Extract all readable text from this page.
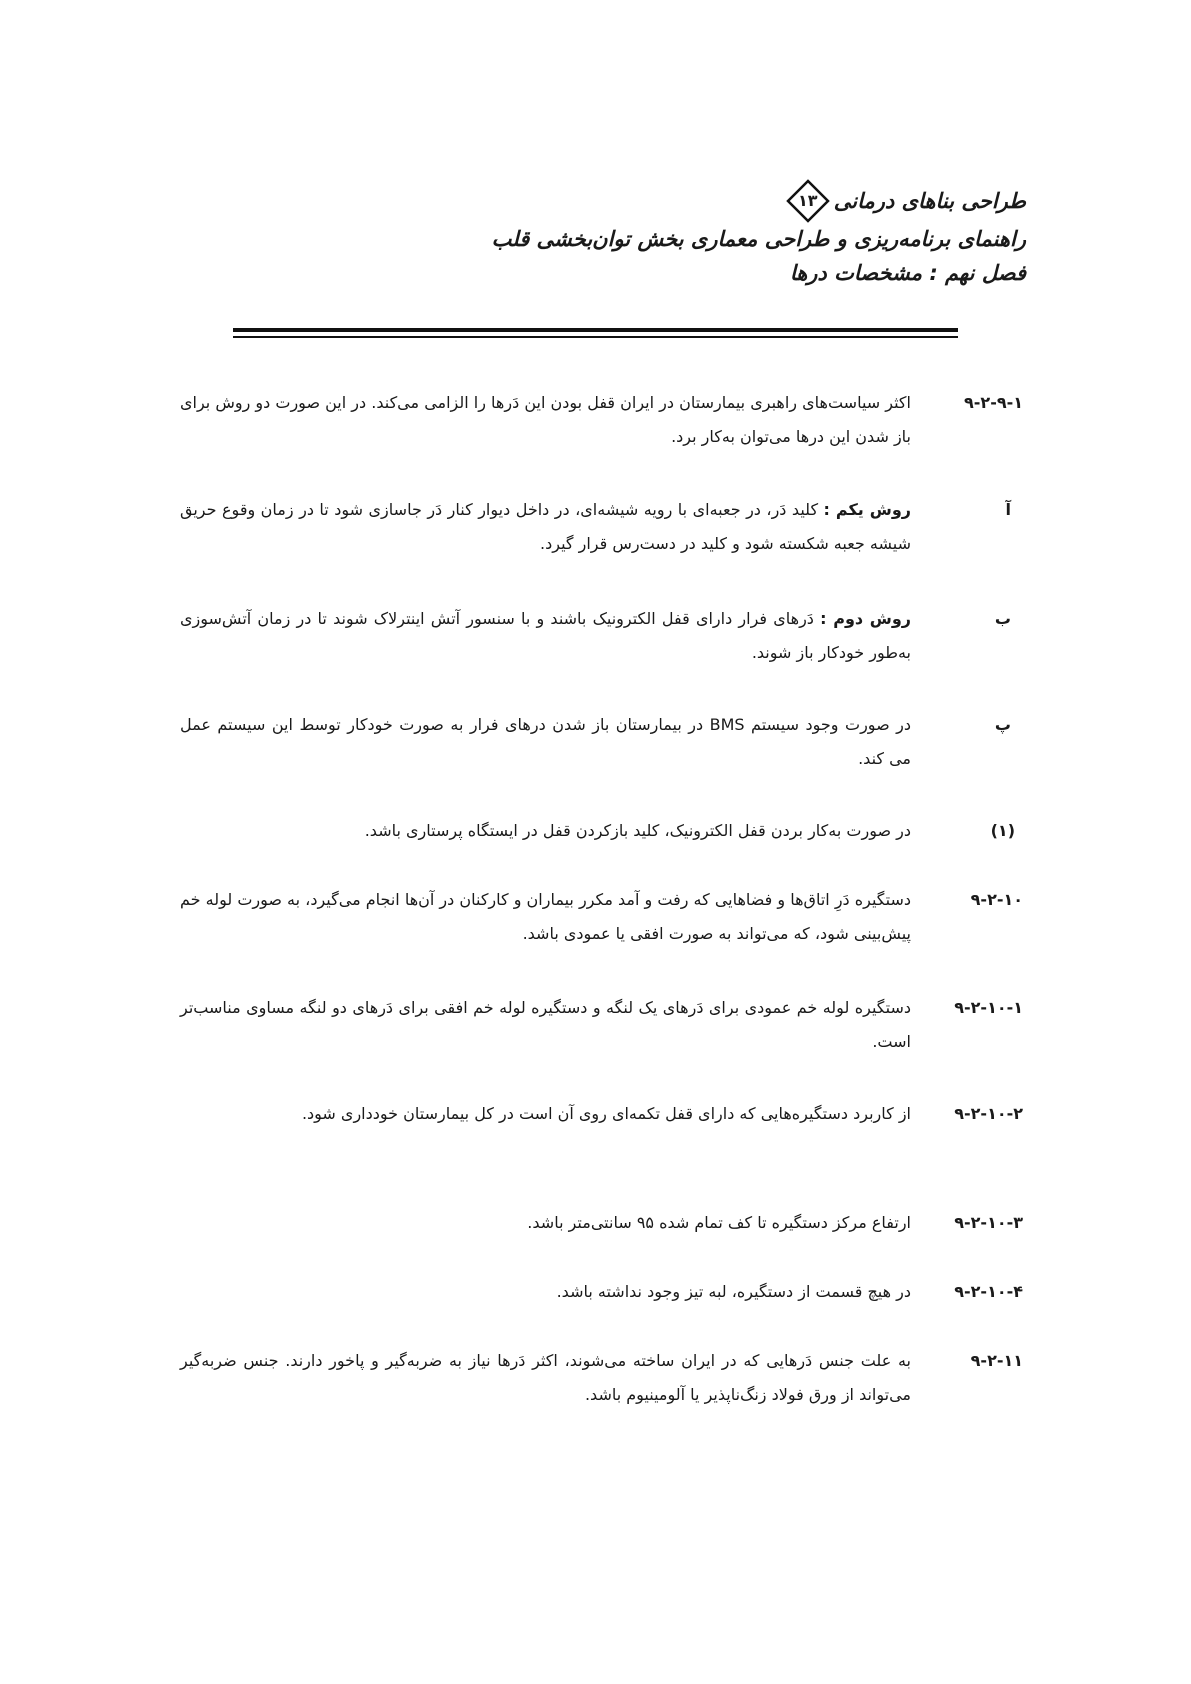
طراحی بناهای درمانی
۱۳
راهنمای برنامه‌ریزی و طراحی معماری بخش توان‌بخشی قلب
فصل نهم : مشخصات درها
۹-۲-۹-۱
اکثر سیاست‌های راهبری بیمارستان در ایران قفل بودن این دَرها را الزامی می‌کند. در این صورت دو روش برای باز شدن این درها می‌توان به‌کار برد.
آ
روش یکم : کلید دَر، در جعبه‌ای با رویه شیشه‌ای، در داخل دیوار کنار دَر جاسازی شود تا در زمان وقوع حریق شیشه جعبه شکسته شود و کلید در دست‌رس قرار گیرد.
ب
روش دوم : دَرهای فرار دارای قفل الکترونیک باشند و با سنسور آتش اینترلاک شوند تا در زمان آتش‌سوزی به‌طور خودکار باز شوند.
پ
در صورت وجود سیستم BMS در بیمارستان باز شدن درهای فرار به صورت خودکار توسط این سیستم عمل می کند.
(۱)
در صورت به‌کار بردن قفل الکترونیک، کلید بازکردن قفل در ایستگاه پرستاری باشد.
۹-۲-۱۰
دستگیره دَرِ اتاق‌ها و فضاهایی که رفت و آمد مکرر بیماران و کارکنان در آن‌ها انجام می‌گیرد، به صورت لوله خم پیش‌بینی شود، که می‌تواند به صورت افقی یا عمودی باشد.
۹-۲-۱۰-۱
دستگیره لوله خم عمودی برای دَرهای یک لنگه و دستگیره لوله خم افقی برای دَرهای دو لنگه مساوی مناسب‌تر است.
۹-۲-۱۰-۲
از کاربرد دستگیره‌هایی که دارای قفل تکمه‌ای روی آن است در کل بیمارستان خودداری شود.
۹-۲-۱۰-۳
ارتفاع مرکز دستگیره تا کف تمام شده ۹۵ سانتی‌متر باشد.
۹-۲-۱۰-۴
در هیچ قسمت از دستگیره، لبه تیز وجود نداشته باشد.
۹-۲-۱۱
به علت جنس دَرهایی که در ایران ساخته می‌شوند، اکثر دَرها نیاز به ضربه‌گیر و پاخور دارند. جنس ضربه‌گیر می‌تواند از ورق فولاد زنگ‌ناپذیر یا آلومینیوم باشد.
